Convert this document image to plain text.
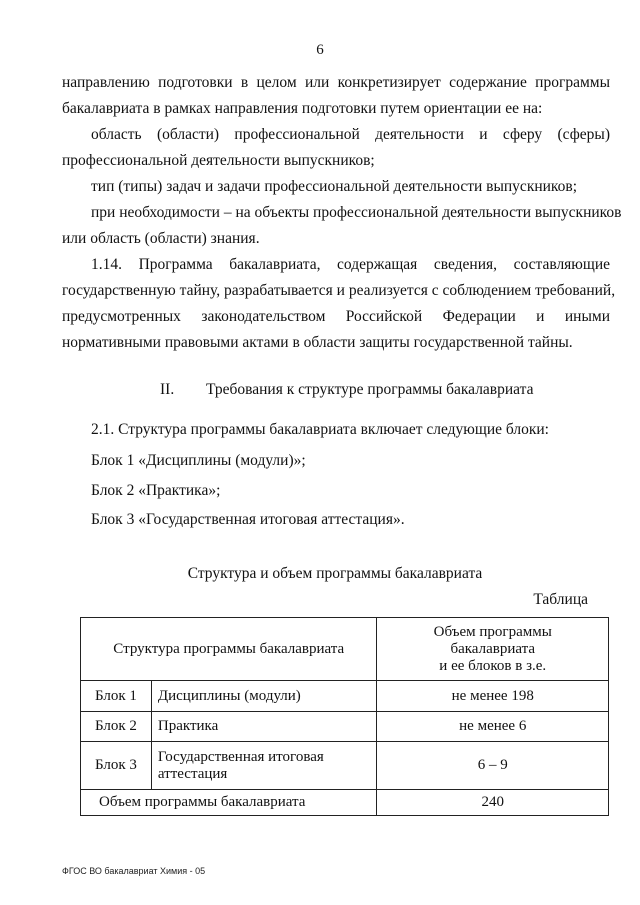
6
направлению подготовки в целом или конкретизирует содержание программы
бакалавриата в рамках направления подготовки путем ориентации ее на:
область (области) профессиональной деятельности и сферу (сферы)
профессиональной деятельности выпускников;
тип (типы) задач и задачи профессиональной деятельности выпускников;
при необходимости – на объекты профессиональной деятельности выпускников
или область (области) знания.
1.14. Программа бакалавриата, содержащая сведения, составляющие
государственную тайну, разрабатывается и реализуется с соблюдением требований,
предусмотренных законодательством Российской Федерации и иными
нормативными правовыми актами в области защиты государственной тайны.
II. Требования к структуре программы бакалавриата
2.1. Структура программы бакалавриата включает следующие блоки:
Блок 1 «Дисциплины (модули)»;
Блок 2 «Практика»;
Блок 3 «Государственная итоговая аттестация».
Структура и объем программы бакалавриата
Таблица
Структура программы бакалавриата		Объем программы
бакалавриата
и ее блоков в з.е.

Блок 1	Дисциплины (модули)	не менее 198
Блок 2	Практика	не менее 6
Блок 3	Государственная итоговая
аттестация	6 – 9
Объем программы бакалавриата		240
ФГОС ВО бакалавриат Химия - 05
